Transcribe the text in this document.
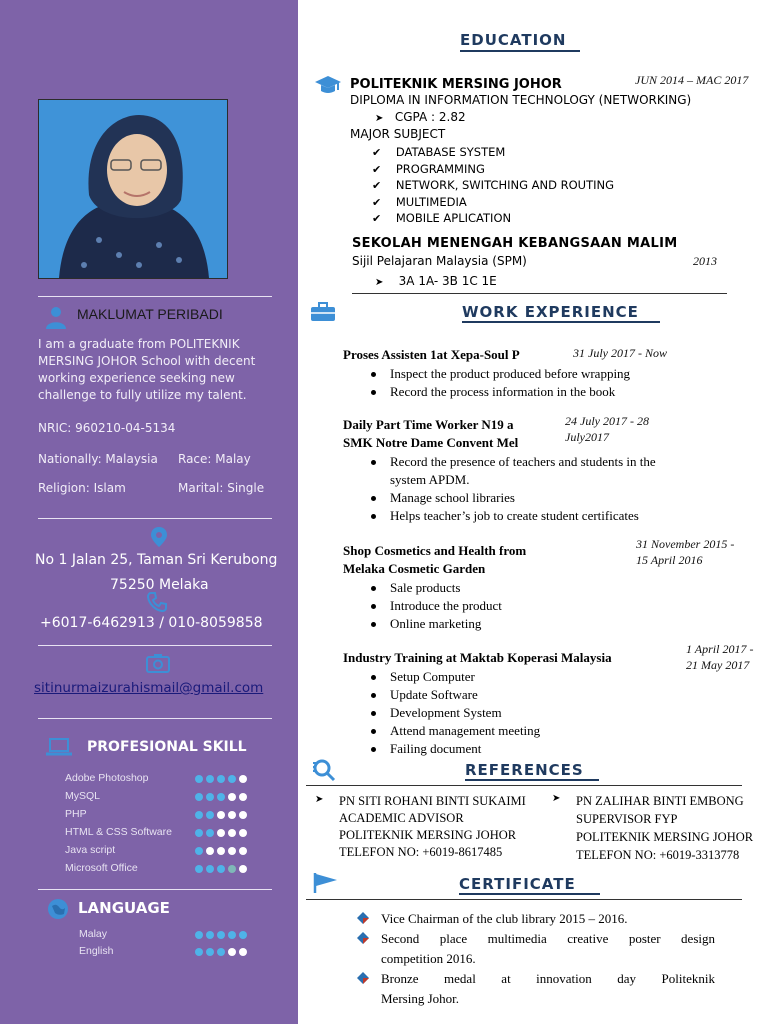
MAKLUMAT PERIBADI
I am a graduate from POLITEKNIK
MERSING JOHOR School with decent
working experience seeking new
challenge to fully utilize my talent.
NRIC: 960210-04-5134
Nationally: Malaysia Race: Malay
Religion: Islam	Marital: Single
No 1 Jalan 25, Taman Sri Kerubong
75250 Melaka
+6017-6462913 / 010-8059858
sitinurmaizurahismail@gmail.com
PROFESIONAL SKILL
Adobe Photoshop
MySQL
PHP
HTML & CSS Software
Java script
Microsoft Office
LANGUAGE
Malay
English
EDUCATION
POLITEKNIK MERSING JOHOR	JUN 2014 – MAC 2017
DIPLOMA IN INFORMATION TECHNOLOGY (NETWORKING)
➤ CGPA : 2.82
MAJOR SUBJECT
✔ DATABASE SYSTEM
✔ PROGRAMMING
✔ NETWORK, SWITCHING AND ROUTING
✔ MULTIMEDIA
✔ MOBILE APLICATION
SEKOLAH MENENGAH KEBANGSAAN MALIM
Sijil Pelajaran Malaysia (SPM)	2013
➤ 3A 1A- 3B 1C 1E
WORK EXPERIENCE
Proses Assisten 1at Xepa-Soul P	31 July 2017 - Now
Inspect the product produced before wrapping
Record the process information in the book
Daily Part Time Worker N19 a
SMK Notre Dame Convent Mel
24 July 2017 - 28
July2017
Record the presence of teachers and students in the
system APDM.
Manage school libraries
Helps teacher’s job to create student certificates
Shop Cosmetics and Health from
Melaka Cosmetic Garden
31 November 2015 -
15 April 2016
Sale products
Introduce the product
Online marketing
Industry Training at Maktab Koperasi Malaysia
1 April 2017 -
21 May 2017
Setup Computer
Update Software
Development System
Attend management meeting
Failing document
REFERENCES
➤ PN SITI ROHANI BINTI SUKAIMI
ACADEMIC ADVISOR
POLITEKNIK MERSING JOHOR
TELEFON NO: +6019-8617485
➤ PN ZALIHAR BINTI EMBONG
SUPERVISOR FYP
POLITEKNIK MERSING JOHOR
TELEFON NO: +6019-3313778
CERTIFICATE
Vice Chairman of the club library 2015 – 2016.
Second place multimedia creative poster design
competition 2016.
Bronze medal at innovation day Politeknik
Mersing Johor.
